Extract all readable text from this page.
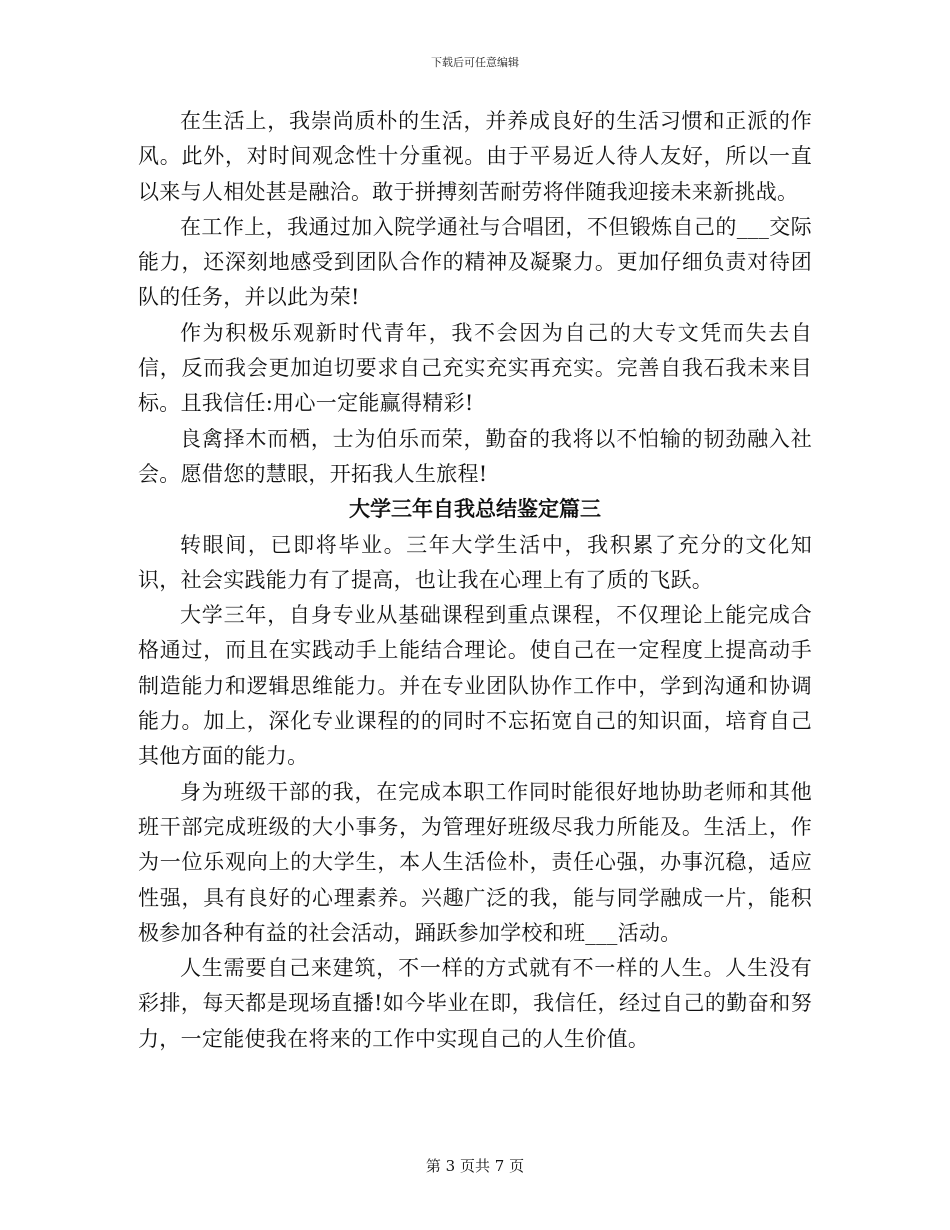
下载后可任意编辑

在生活上，我崇尚质朴的生活，并养成良好的生活习惯和正派的作风。此外，对时间观念性十分重视。由于平易近人待人友好，所以一直以来与人相处甚是融洽。敢于拼搏刻苦耐劳将伴随我迎接未来新挑战。

在工作上，我通过加入院学通社与合唱团，不但锻炼自己的___交际能力，还深刻地感受到团队合作的精神及凝聚力。更加仔细负责对待团队的任务，并以此为荣!

作为积极乐观新时代青年，我不会因为自己的大专文凭而失去自信，反而我会更加迫切要求自己充实充实再充实。完善自我石我未来目标。且我信任:用心一定能赢得精彩!

良禽择木而栖，士为伯乐而荣，勤奋的我将以不怕输的韧劲融入社会。愿借您的慧眼，开拓我人生旅程!

大学三年自我总结鉴定篇三

转眼间，已即将毕业。三年大学生活中，我积累了充分的文化知识，社会实践能力有了提高，也让我在心理上有了质的飞跃。

大学三年，自身专业从基础课程到重点课程，不仅理论上能完成合格通过，而且在实践动手上能结合理论。使自己在一定程度上提高动手制造能力和逻辑思维能力。并在专业团队协作工作中，学到沟通和协调能力。加上，深化专业课程的的同时不忘拓宽自己的知识面，培育自己其他方面的能力。

身为班级干部的我，在完成本职工作同时能很好地协助老师和其他班干部完成班级的大小事务，为管理好班级尽我力所能及。生活上，作为一位乐观向上的大学生，本人生活俭朴，责任心强，办事沉稳，适应性强，具有良好的心理素养。兴趣广泛的我，能与同学融成一片，能积极参加各种有益的社会活动，踊跃参加学校和班___活动。

人生需要自己来建筑，不一样的方式就有不一样的人生。人生没有彩排，每天都是现场直播!如今毕业在即，我信任，经过自己的勤奋和努力，一定能使我在将来的工作中实现自己的人生价值。

第 3 页共 7 页
